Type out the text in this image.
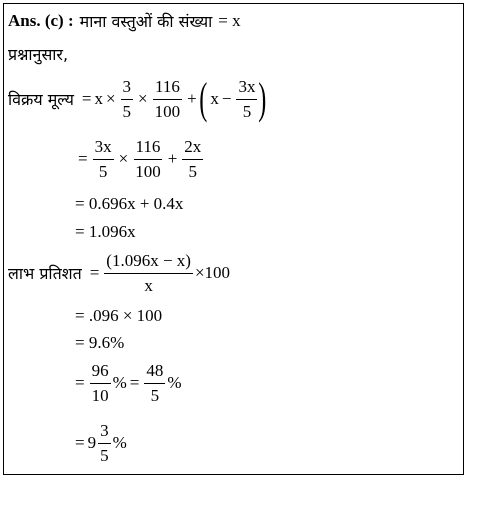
Ans. (c) : माना वस्तुओं की संख्या = x
प्रश्नानुसार,
विक्रय मूल्य = $x \times \frac{3}{5} \times \frac{116}{100}$ + ( $x - \frac{3x}{5}$ )
= $\frac{3x}{5} \times \frac{116}{100} + \frac{2x}{5}$
= 0.696x + 0.4x
= 1.096x
लाभ प्रतिशत = $\frac{(1.096x - x)}{x} \times 100$
= .096 × 100
= 9.6%
= $\frac{96}{10}$ % = $\frac{48}{5}$ %
= $9 \frac{3}{5}$ %
